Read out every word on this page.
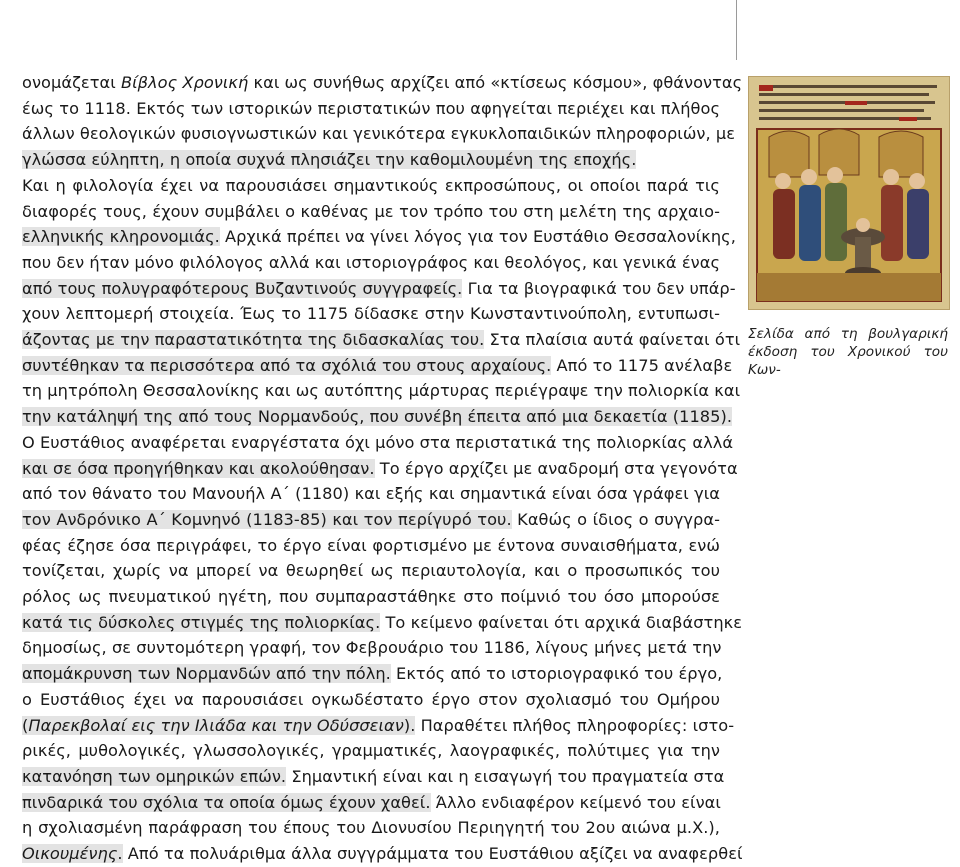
ονομάζεται Βίβλος Χρονική και ως συνήθως αρχίζει από «κτίσεως κόσμου», φθάνοντας
έως το 1118. Εκτός των ιστορικών περιστατικών που αφηγείται περιέχει και πλήθος
άλλων θεολογικών φυσιογνωστικών και γενικότερα εγκυκλοπαιδικών πληροφοριών, με
γλώσσα εύληπτη, η οποία συχνά πλησιάζει την καθομιλουμένη της εποχής.
Και η φιλολογία έχει να παρουσιάσει σημαντικούς εκπροσώπους, οι οποίοι παρά τις
διαφορές τους, έχουν συμβάλει ο καθένας με τον τρόπο του στη μελέτη της αρχαιο-
ελληνικής κληρονομιάς. Αρχικά πρέπει να γίνει λόγος για τον Ευστάθιο Θεσσαλονίκης,
που δεν ήταν μόνο φιλόλογος αλλά και ιστοριογράφος και θεολόγος, και γενικά ένας
από τους πολυγραφότερους Βυζαντινούς συγγραφείς. Για τα βιογραφικά του δεν υπάρ-
χουν λεπτομερή στοιχεία. Έως το 1175 δίδασκε στην Κωνσταντινούπολη, εντυπωσι-
άζοντας με την παραστατικότητα της διδασκαλίας του. Στα πλαίσια αυτά φαίνεται ότι
συντέθηκαν τα περισσότερα από τα σχόλιά του στους αρχαίους. Από το 1175 ανέλαβε
τη μητρόπολη Θεσσαλονίκης και ως αυτόπτης μάρτυρας περιέγραψε την πολιορκία και
την κατάληψή της από τους Νορμανδούς, που συνέβη έπειτα από μια δεκαετία (1185).
Ο Ευστάθιος αναφέρεται εναργέστατα όχι μόνο στα περιστατικά της πολιορκίας αλλά
και σε όσα προηγήθηκαν και ακολούθησαν. Το έργο αρχίζει με αναδρομή στα γεγονότα
από τον θάνατο του Μανουήλ Α΄ (1180) και εξής και σημαντικά είναι όσα γράφει για
τον Ανδρόνικο Α΄ Κομνηνό (1183-85) και τον περίγυρό του. Καθώς ο ίδιος ο συγγρα-
φέας έζησε όσα περιγράφει, το έργο είναι φορτισμένο με έντονα συναισθήματα, ενώ
τονίζεται, χωρίς να μπορεί να θεωρηθεί ως περιαυτολογία, και ο προσωπικός του
ρόλος ως πνευματικού ηγέτη, που συμπαραστάθηκε στο ποίμνιό του όσο μπορούσε
κατά τις δύσκολες στιγμές της πολιορκίας. Το κείμενο φαίνεται ότι αρχικά διαβάστηκε
δημοσίως, σε συντομότερη γραφή, τον Φεβρουάριο του 1186, λίγους μήνες μετά την
απομάκρυνση των Νορμανδών από την πόλη. Εκτός από το ιστοριογραφικό του έργο,
ο Ευστάθιος έχει να παρουσιάσει ογκωδέστατο έργο στον σχολιασμό του Ομήρου
(Παρεκβολαί εις την Ιλιάδα και την Οδύσσειαν). Παραθέτει πλήθος πληροφορίες: ιστο-
ρικές, μυθολογικές, γλωσσολογικές, γραμματικές, λαογραφικές, πολύτιμες για την
κατανόηση των ομηρικών επών. Σημαντική είναι και η εισαγωγή του πραγματεία στα
πινδαρικά του σχόλια τα οποία όμως έχουν χαθεί. Άλλο ενδιαφέρον κείμενό του είναι
η σχολιασμένη παράφραση του έπους του Διονυσίου Περιηγητή του 2ου αιώνα μ.Χ.),
Οικουμένης. Από τα πολυάριθμα άλλα συγγράμματα του Ευστάθιου αξίζει να αναφερθεί
Σελίδα από τη βουλγαρική
έκδοση του Χρονικού του Κων-
